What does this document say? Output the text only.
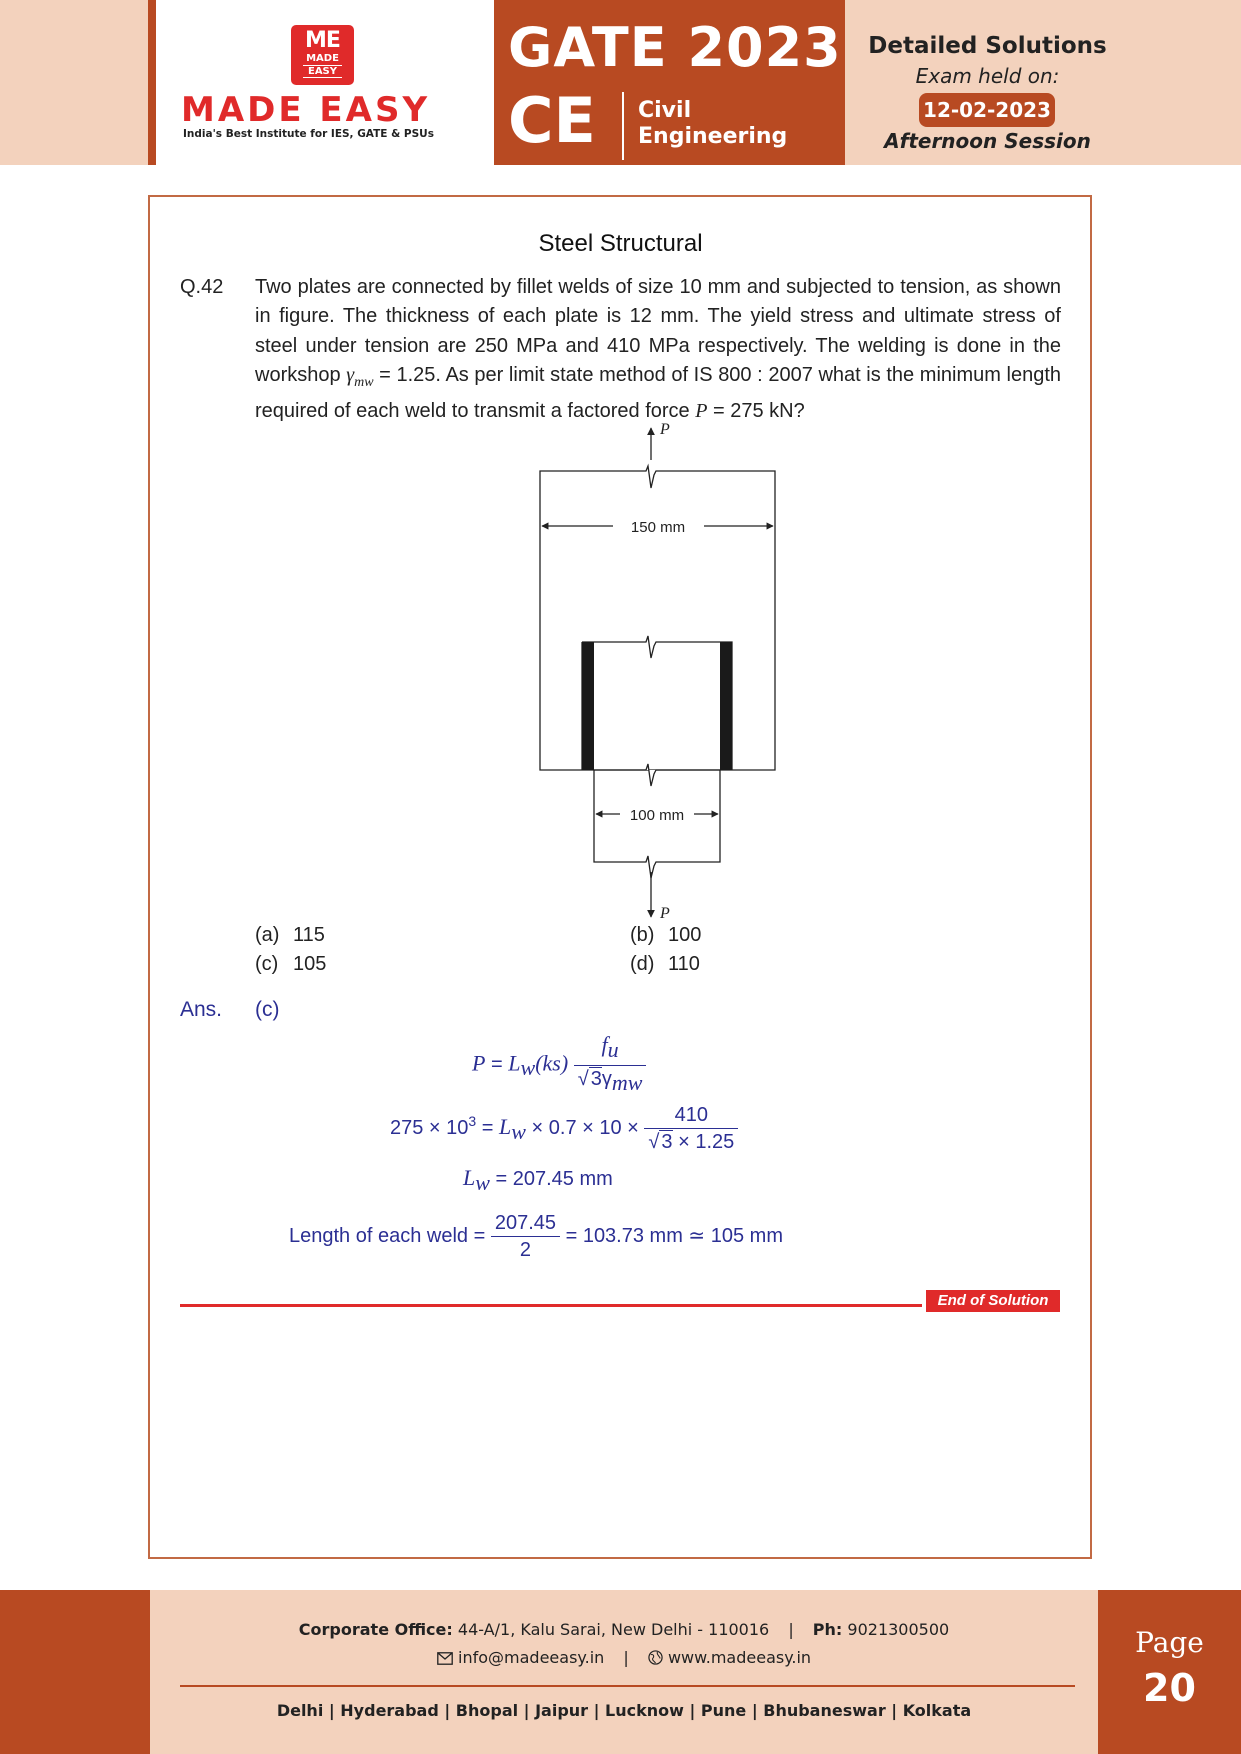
ME
MADE
EASY
MADE EASY
India's Best Institute for IES, GATE & PSUs
GATE 2023
CE Civil
Engineering
Detailed Solutions
Exam held on:
12-02-2023
Afternoon Session
Steel Structural
Q.42 Two plates are connected by fillet welds of size 10 mm and subjected to tension, as shown in figure. The thickness of each plate is 12 mm. The yield stress and ultimate stress of steel under tension are 250 MPa and 410 MPa respectively. The welding is done in the workshop $\gamma_{mw} = 1.25$. As per limit state method of IS 800 : 2007 what is the minimum length required of each weld to transmit a factored force P = 275 kN?
P
150 mm
100 mm
P
(a) 115	(b) 100
(c) 105	(d) 110
Ans. (c)
$P = L_w(ks) \frac{f_u}{√ 3\gamma_{mw}}$
$275 \times 10^3 = L_w \times 0.7 \times 10 \times \frac{410}{√ 3 \times 1.25}$
$L_w = 207.45$ mm
Length of each weld = $\frac{207.45}{2} = 103.73$ mm ≃ 105 mm
End of Solution
Corporate Office: 44-A/1, Kalu Sarai, New Delhi - 110016 | Ph: 9021300500
info@madeeasy.in | www.madeeasy.in
Delhi | Hyderabad | Bhopal | Jaipur | Lucknow | Pune | Bhubaneswar | Kolkata
Page
20
